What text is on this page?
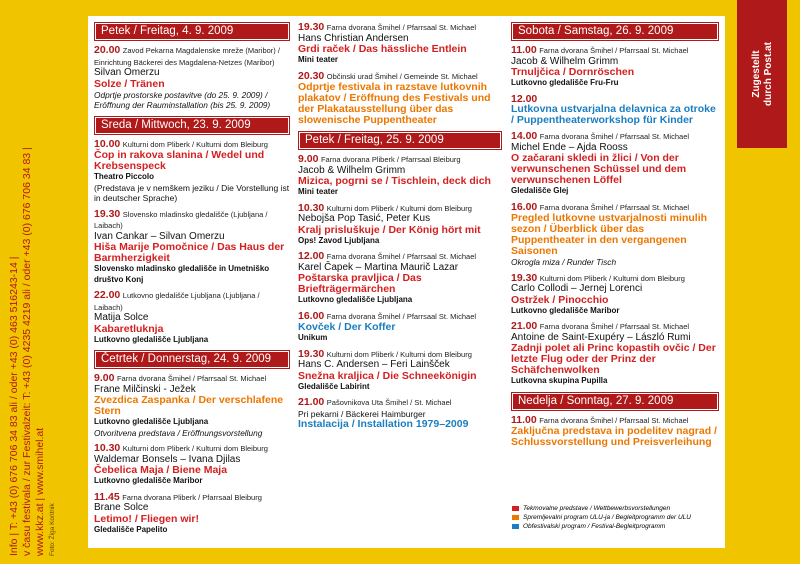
Info | T: +43 (0) 676 706 34 83 ali / oder +43 (0) 463 516243-14 | v času festivala / zur Festivalzeit: T: +43 (0) 4235 4219 ali / oder +43 (0) 676 706 34 83 | www.kkz.at | www.smihel.at Foto: Žiga Koritnik
Petek / Freitag, 4. 9. 2009
20.00 Zavod Pekarna Magdalenske mreže (Maribor) / Einrichtung Bäckerei des Magdalena-Netzes (Maribor)
Silvan Omerzu
Solze / Tränen
Odprtje prostorske postavitve (do 25. 9. 2009) /
Eröffnung der Rauminstallation (bis 25. 9. 2009)
Sreda / Mittwoch, 23. 9. 2009
10.00 Kulturni dom Pliberk / Kulturni dom Bleiburg
Čop in rakova slanina / Wedel und Krebsenspeck
Theatro Piccolo
(Predstava je v nemškem jeziku / Die Vorstellung ist in deutscher Sprache)
19.30 Slovensko mladinsko gledališče (Ljubljana / Laibach)
Ivan Cankar – Silvan Omerzu
Hiša Marije Pomočnice / Das Haus der Barmherzigkeit
Slovensko mladinsko gledališče in Umetniško društvo Konj
22.00 Lutkovno gledališče Ljubljana (Ljubljana / Laibach)
Matija Solce
Kabaretluknja
Lutkovno gledališče Ljubljana
Četrtek / Donnerstag, 24. 9. 2009
9.00 Farna dvorana Šmihel / Pfarrsaal St. Michael
Frane Milčinski - Ježek
Zvezdica Zaspanka / Der verschlafene Stern
Lutkovno gledališče Ljubljana
Otvoritvena predstava / Eröffnungsvorstellung
10.30 Kulturni dom Pliberk / Kulturni dom Bleiburg
Waldemar Bonsels – Ivana Djilas
Čebelica Maja / Biene Maja
Lutkovno gledališče Maribor
11.45 Farna dvorana Pliberk / Pfarrsaal Bleiburg
Brane Solce
Letimo! / Fliegen wir!
Gledališče Papelito
19.30 Farna dvorana Šmihel / Pfarrsaal St. Michael
Hans Christian Andersen
Grdi raček / Das hässliche Entlein
Mini teater
20.30 Občinski urad Šmihel / Gemeinde St. Michael
Odprtje festivala in razstave lutkovnih plakatov / Eröffnung des Festivals und der Plakatausstellung über das slowenische Puppentheater
Petek / Freitag, 25. 9. 2009
9.00 Farna dvorana Pliberk / Pfarrsaal Bleiburg
Jacob & Wilhelm Grimm
Mizica, pogrni se / Tischlein, deck dich
Mini teater
10.30 Kulturni dom Pliberk / Kulturni dom Bleiburg
Nebojša Pop Tasić, Peter Kus
Kralj prisluškuje / Der König hört mit
Ops! Zavod Ljubljana
12.00 Farna dvorana Šmihel / Pfarrsaal St. Michael
Karel Čapek – Martina Maurič Lazar
Poštarska pravljica / Das Briefträgermärchen
Lutkovno gledališče Ljubljana
16.00 Farna dvorana Šmihel / Pfarrsaal St. Michael
Kovček / Der Koffer
Unikum
19.30 Kulturni dom Pliberk / Kulturni dom Bleiburg
Hans C. Andersen – Feri Lainšček
Snežna kraljica / Die Schneekönigin
Gledališče Labirint
21.00 Pašovnikova Uta Šmihel / St. Michael
Pri pekarni / Bäckerei Haimburger
Instalacija / Installation 1979–2009
Sobota / Samstag, 26. 9. 2009
11.00 Farna dvorana Šmihel / Pfarrsaal St. Michael
Jacob & Wilhelm Grimm
Trnuljčica / Dornröschen
Lutkovno gledališče Fru-Fru
12.00
Lutkovna ustvarjalna delavnica za otroke / Puppentheaterworkshop für Kinder
14.00 Farna dvorana Šmihel / Pfarrsaal St. Michael
Michel Ende – Ajda Rooss
O začarani skledi in žlici / Von der verwunschenen Schüssel und dem verwunschenen Löffel
Gledališče Glej
16.00 Farna dvorana Šmihel / Pfarrsaal St. Michael
Pregled lutkovne ustvarjalnosti minulih sezon / Überblick über das Puppentheater in den vergangenen Saisonen
Okrogla miza / Runder Tisch
19.30 Kulturni dom Pliberk / Kulturni dom Bleiburg
Carlo Collodi – Jernej Lorenci
Ostržek / Pinocchio
Lutkovno gledališče Maribor
21.00 Farna dvorana Šmihel / Pfarrsaal St. Michael
Antoine de Saint-Exupéry – László Rumi
Zadnji polet ali Princ kopastih ovčic / Der letzte Flug oder der Prinz der Schäfchenwolken
Lutkovna skupina Pupilla
Nedelja / Sonntag, 27. 9. 2009
11.00 Farna dvorana Šmihel / Pfarrsaal St. Michael
Zaključna predstava in podelitev nagrad / Schlussvorstellung und Preisverleihung
Tekmovalne predstave / Wettbewerbsvorstellungen
Spremljevalni program ULU-ja / Begleitprogramm der ULU
Obfestivalski program / Festival-Begleitprogramm
Zugestellt durch Post.at
